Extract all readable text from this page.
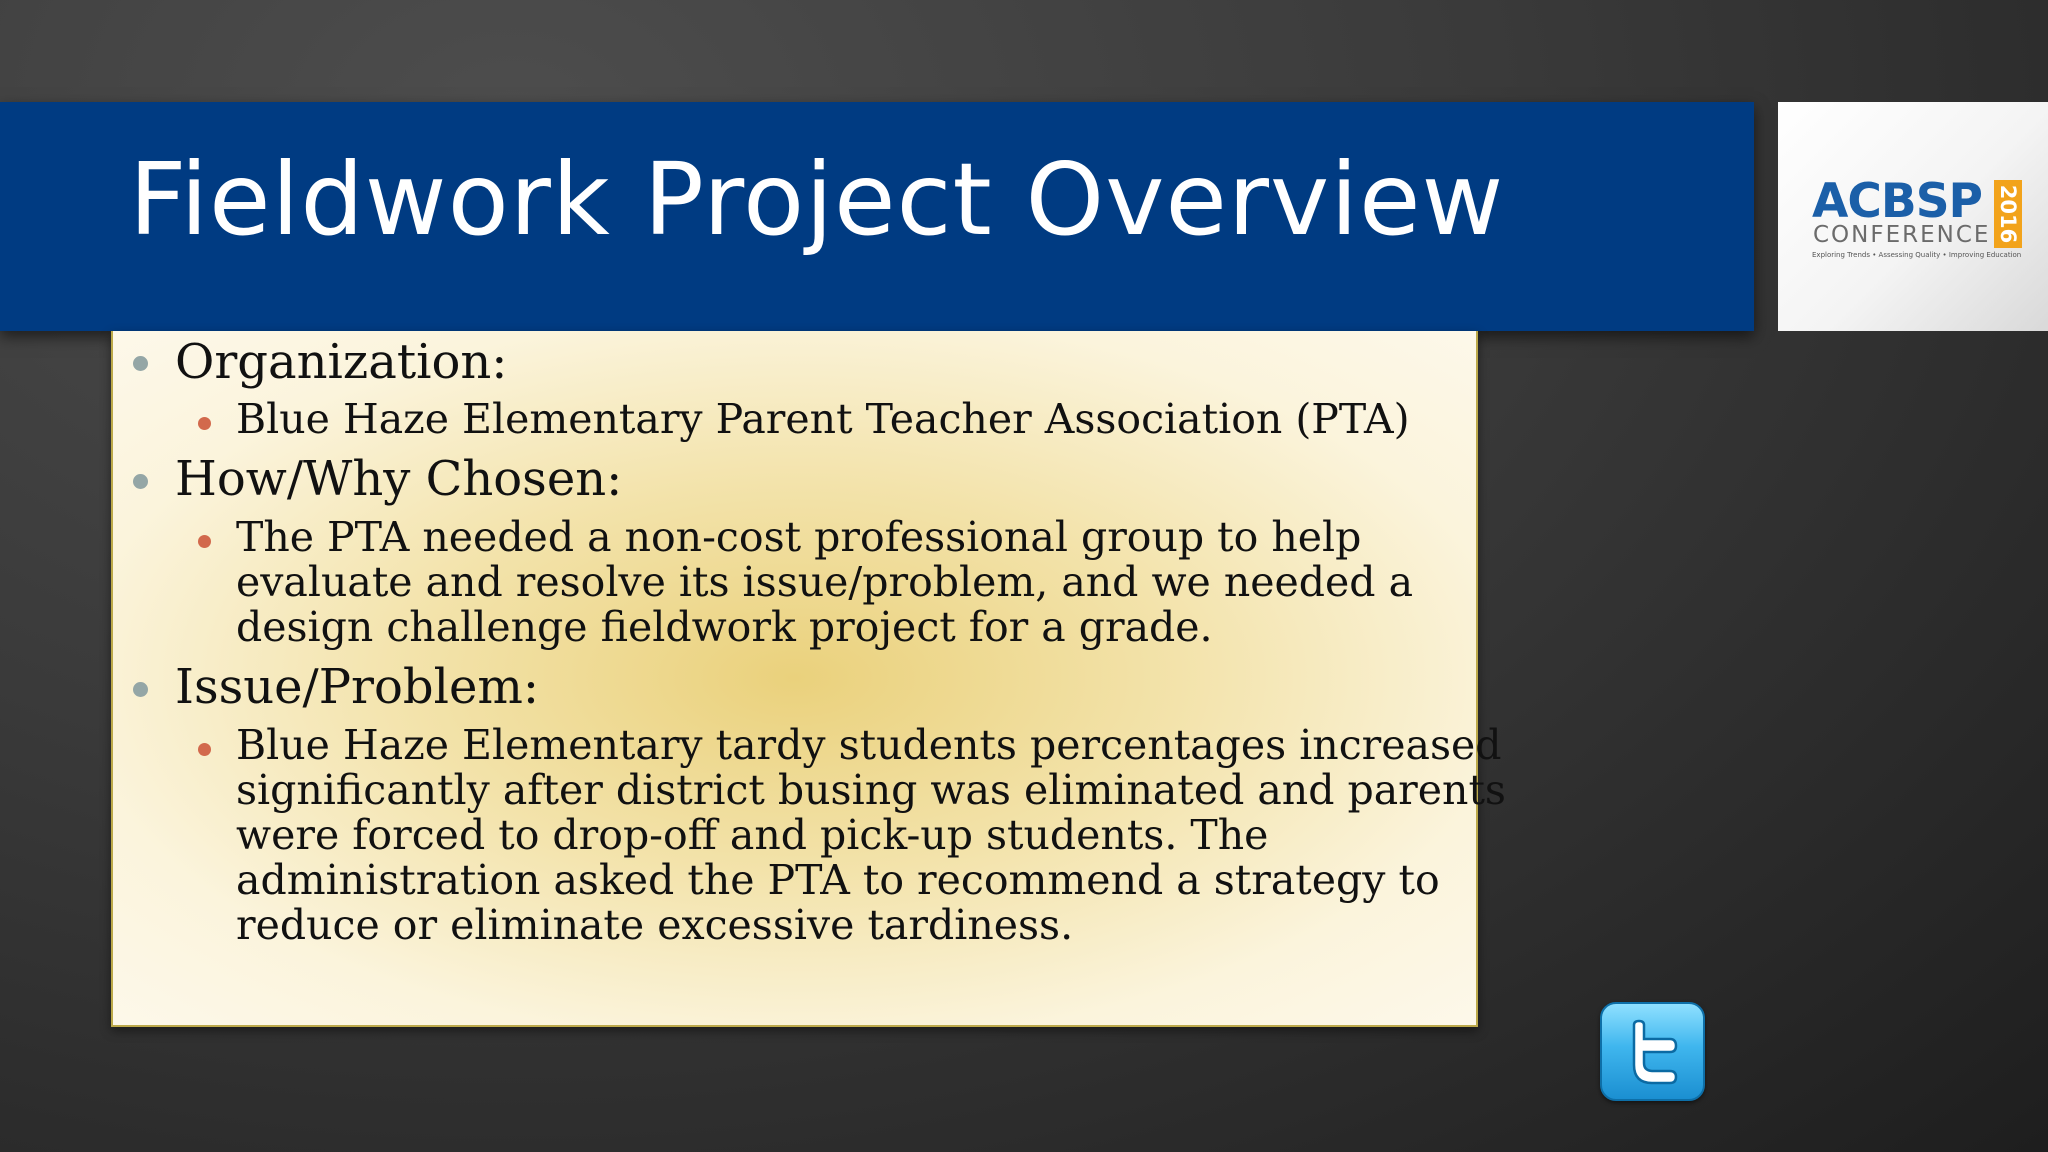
Fieldwork Project Overview	ACBSP 2016
CONFERENCE
Exploring Trends • Assessing Quality • Improving Education
Organization:
Blue Haze Elementary Parent Teacher Association (PTA)
How/Why Chosen:
The PTA needed a non-cost professional group to help
evaluate and resolve its issue/problem, and we needed a
design challenge fieldwork project for a grade.
Issue/Problem:
Blue Haze Elementary tardy students percentages increased
significantly after district busing was eliminated and parents
were forced to drop-off and pick-up students. The
administration asked the PTA to recommend a strategy to
reduce or eliminate excessive tardiness.
